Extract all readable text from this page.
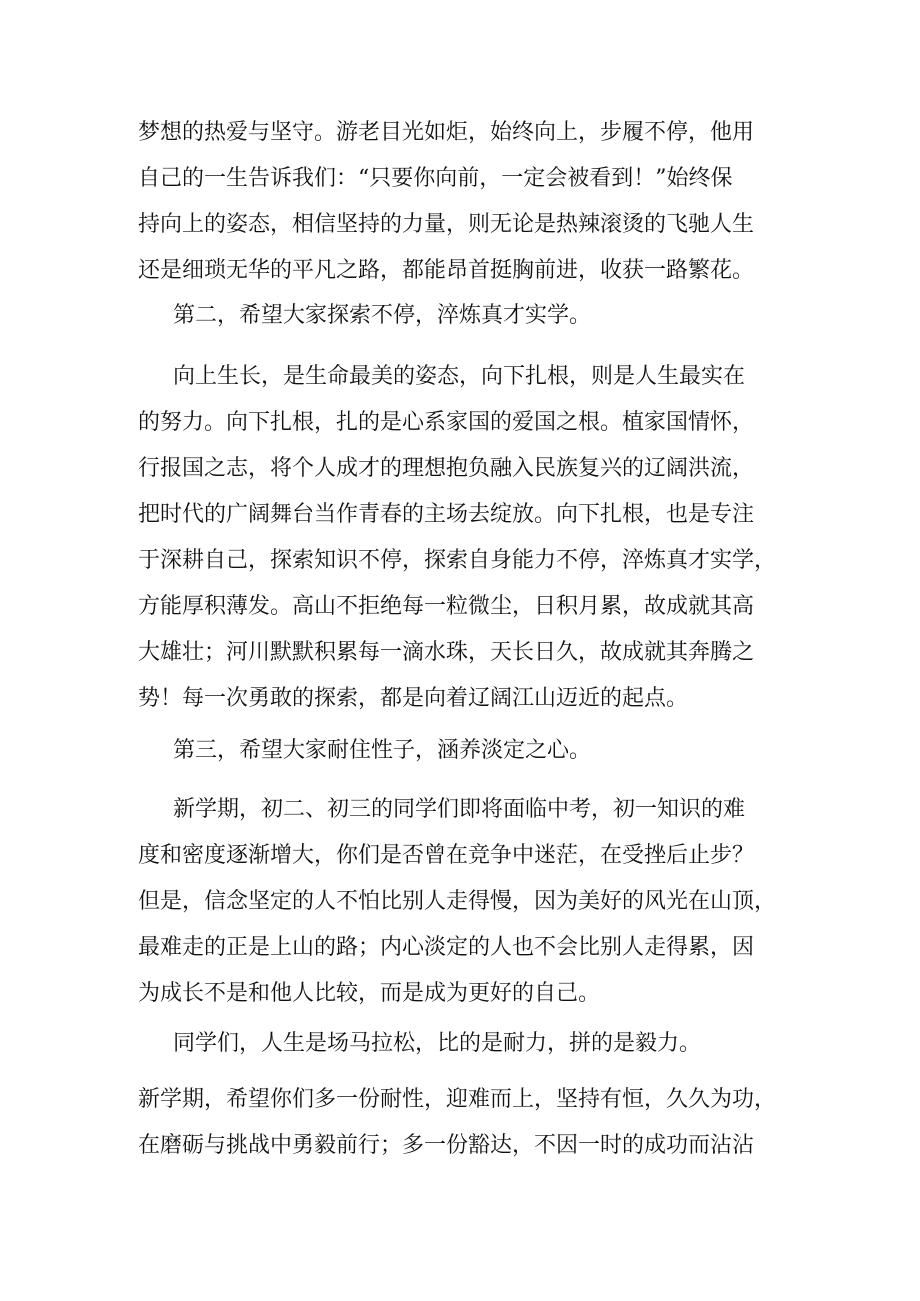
梦想的热爱与坚守。游老目光如炬，始终向上，步履不停，他用
自己的一生告诉我们：“只要你向前，一定会被看到！”始终保
持向上的姿态，相信坚持的力量，则无论是热辣滚烫的飞驰人生
还是细琐无华的平凡之路，都能昂首挺胸前进，收获一路繁花。
第二，希望大家探索不停，淬炼真才实学。
向上生长，是生命最美的姿态，向下扎根，则是人生最实在
的努力。向下扎根，扎的是心系家国的爱国之根。植家国情怀，
行报国之志，将个人成才的理想抱负融入民族复兴的辽阔洪流，
把时代的广阔舞台当作青春的主场去绽放。向下扎根，也是专注
于深耕自己，探索知识不停，探索自身能力不停，淬炼真才实学，
方能厚积薄发。高山不拒绝每一粒微尘，日积月累，故成就其高
大雄壮；河川默默积累每一滴水珠，天长日久，故成就其奔腾之
势！每一次勇敢的探索，都是向着辽阔江山迈近的起点。
第三，希望大家耐住性子，涵养淡定之心。
新学期，初二、初三的同学们即将面临中考，初一知识的难
度和密度逐渐增大，你们是否曾在竞争中迷茫，在受挫后止步？
但是，信念坚定的人不怕比别人走得慢，因为美好的风光在山顶，
最难走的正是上山的路；内心淡定的人也不会比别人走得累，因
为成长不是和他人比较，而是成为更好的自己。
同学们，人生是场马拉松，比的是耐力，拼的是毅力。
新学期，希望你们多一份耐性，迎难而上，坚持有恒，久久为功，
在磨砺与挑战中勇毅前行；多一份豁达，不因一时的成功而沾沾
